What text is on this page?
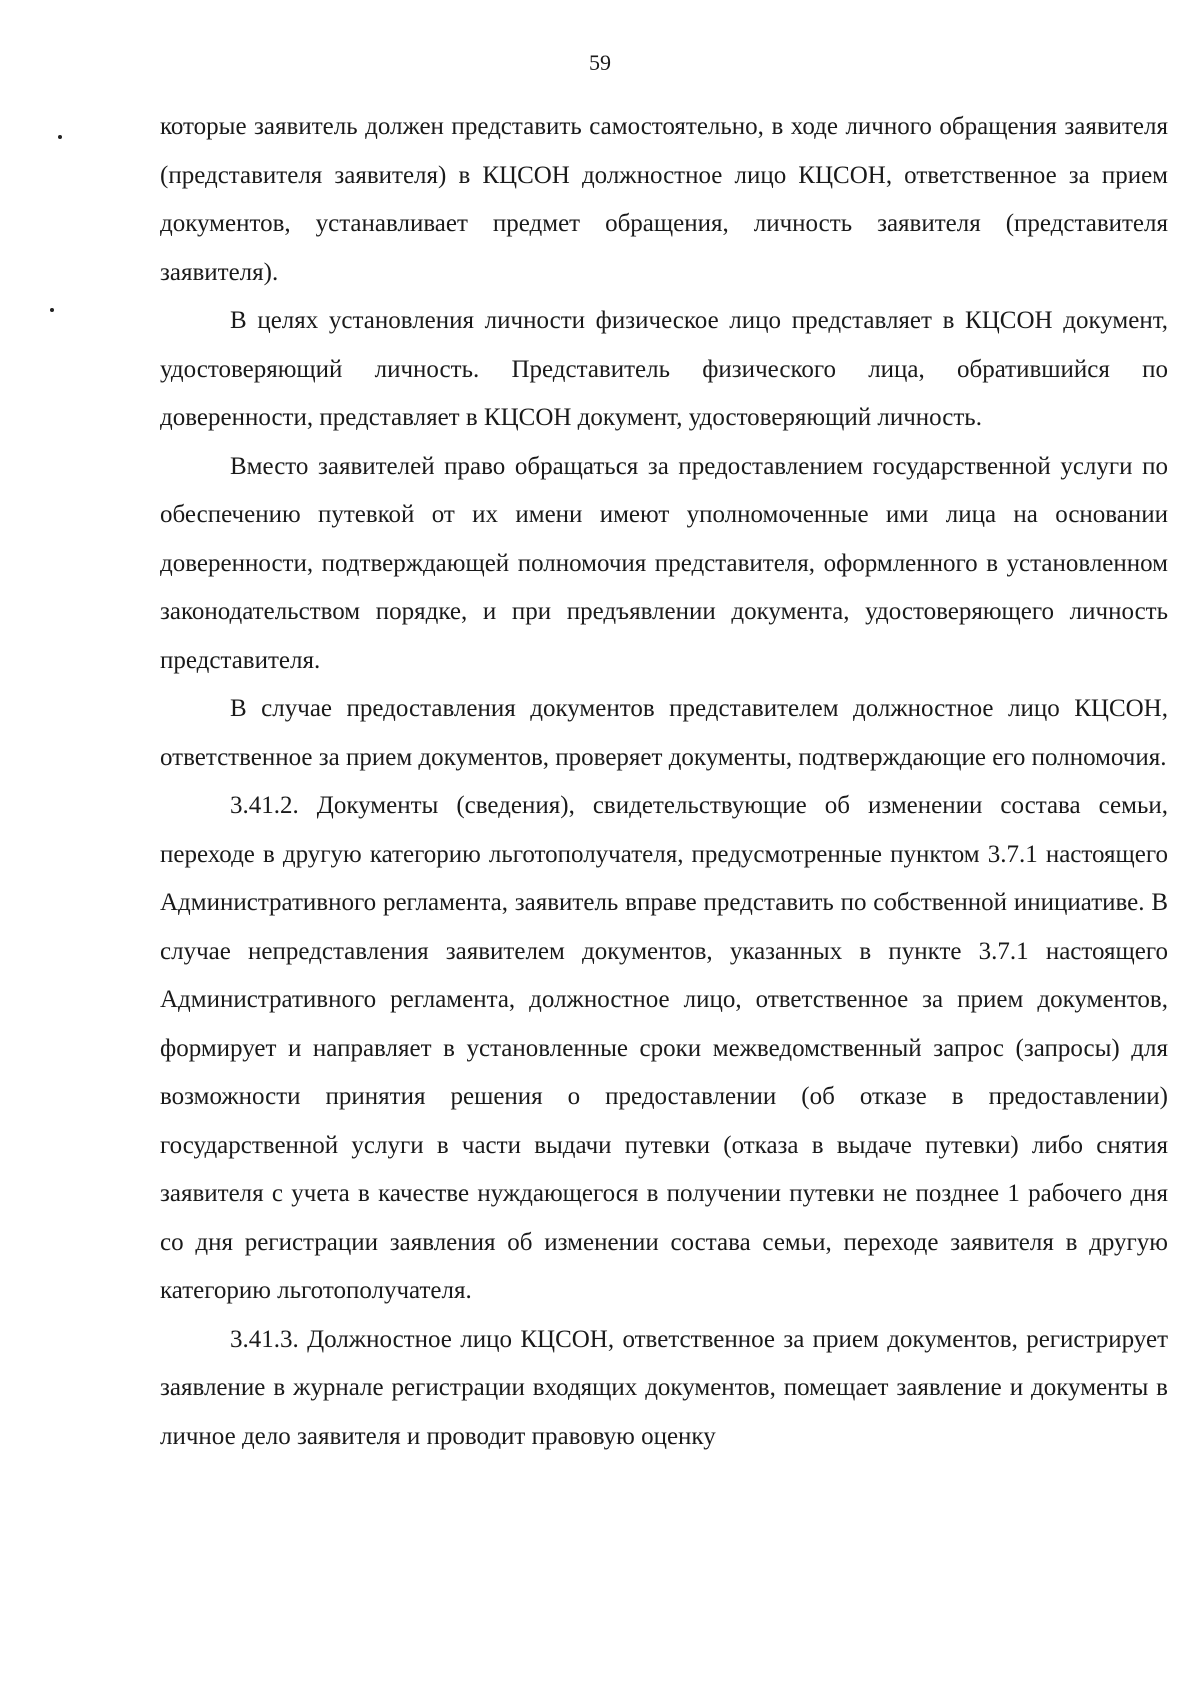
59

которые заявитель должен представить самостоятельно, в ходе личного обращения заявителя (представителя заявителя) в КЦСОН должностное лицо КЦСОН, ответственное за прием документов, устанавливает предмет обращения, личность заявителя (представителя заявителя).

В целях установления личности физическое лицо представляет в КЦСОН документ, удостоверяющий личность. Представитель физического лица, обратившийся по доверенности, представляет в КЦСОН документ, удостоверяющий личность.

Вместо заявителей право обращаться за предоставлением государственной услуги по обеспечению путевкой от их имени имеют уполномоченные ими лица на основании доверенности, подтверждающей полномочия представителя, оформленного в установленном законодательством порядке, и при предъявлении документа, удостоверяющего личность представителя.

В случае предоставления документов представителем должностное лицо КЦСОН, ответственное за прием документов, проверяет документы, подтверждающие его полномочия.

3.41.2. Документы (сведения), свидетельствующие об изменении состава семьи, переходе в другую категорию льготополучателя, предусмотренные пунктом 3.7.1 настоящего Административного регламента, заявитель вправе представить по собственной инициативе. В случае непредставления заявителем документов, указанных в пункте 3.7.1 настоящего Административного регламента, должностное лицо, ответственное за прием документов, формирует и направляет в установленные сроки межведомственный запрос (запросы) для возможности принятия решения о предоставлении (об отказе в предоставлении) государственной услуги в части выдачи путевки (отказа в выдаче путевки) либо снятия заявителя с учета в качестве нуждающегося в получении путевки не позднее 1 рабочего дня со дня регистрации заявления об изменении состава семьи, переходе заявителя в другую категорию льготополучателя.

3.41.3. Должностное лицо КЦСОН, ответственное за прием документов, регистрирует заявление в журнале регистрации входящих документов, помещает заявление и документы в личное дело заявителя и проводит правовую оценку
